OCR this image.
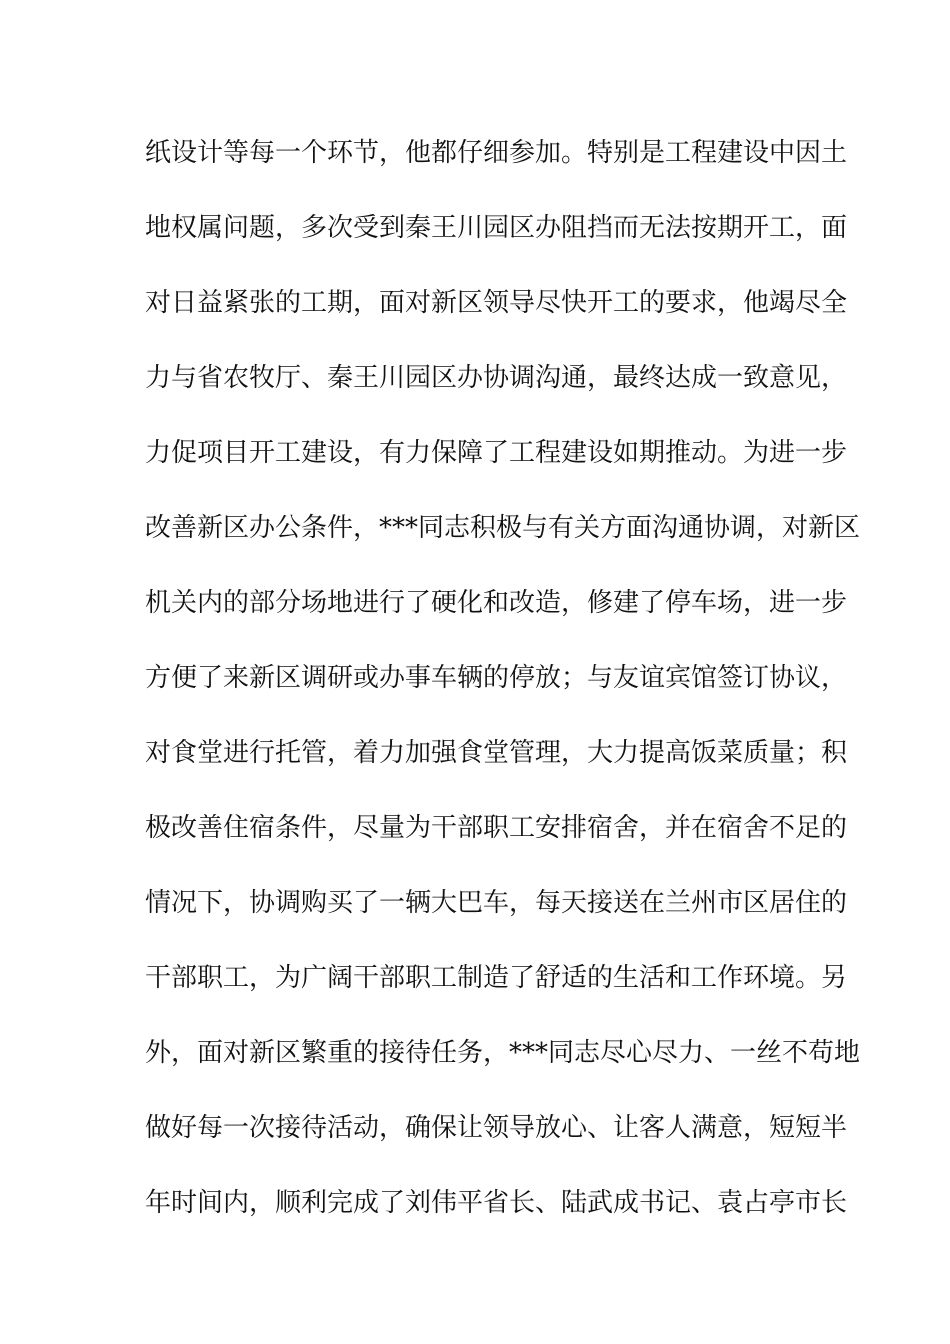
纸设计等每一个环节，他都仔细参加。特别是工程建设中因土
地权属问题，多次受到秦王川园区办阻挡而无法按期开工，面
对日益紧张的工期，面对新区领导尽快开工的要求，他竭尽全
力与省农牧厅、秦王川园区办协调沟通，最终达成一致意见，
力促项目开工建设，有力保障了工程建设如期推动。为进一步
改善新区办公条件，***同志积极与有关方面沟通协调，对新区
机关内的部分场地进行了硬化和改造，修建了停车场，进一步
方便了来新区调研或办事车辆的停放；与友谊宾馆签订协议，
对食堂进行托管，着力加强食堂管理，大力提高饭菜质量；积
极改善住宿条件，尽量为干部职工安排宿舍，并在宿舍不足的
情况下，协调购买了一辆大巴车，每天接送在兰州市区居住的
干部职工，为广阔干部职工制造了舒适的生活和工作环境。另
外，面对新区繁重的接待任务，***同志尽心尽力、一丝不苟地
做好每一次接待活动，确保让领导放心、让客人满意，短短半
年时间内，顺利完成了刘伟平省长、陆武成书记、袁占亭市长
